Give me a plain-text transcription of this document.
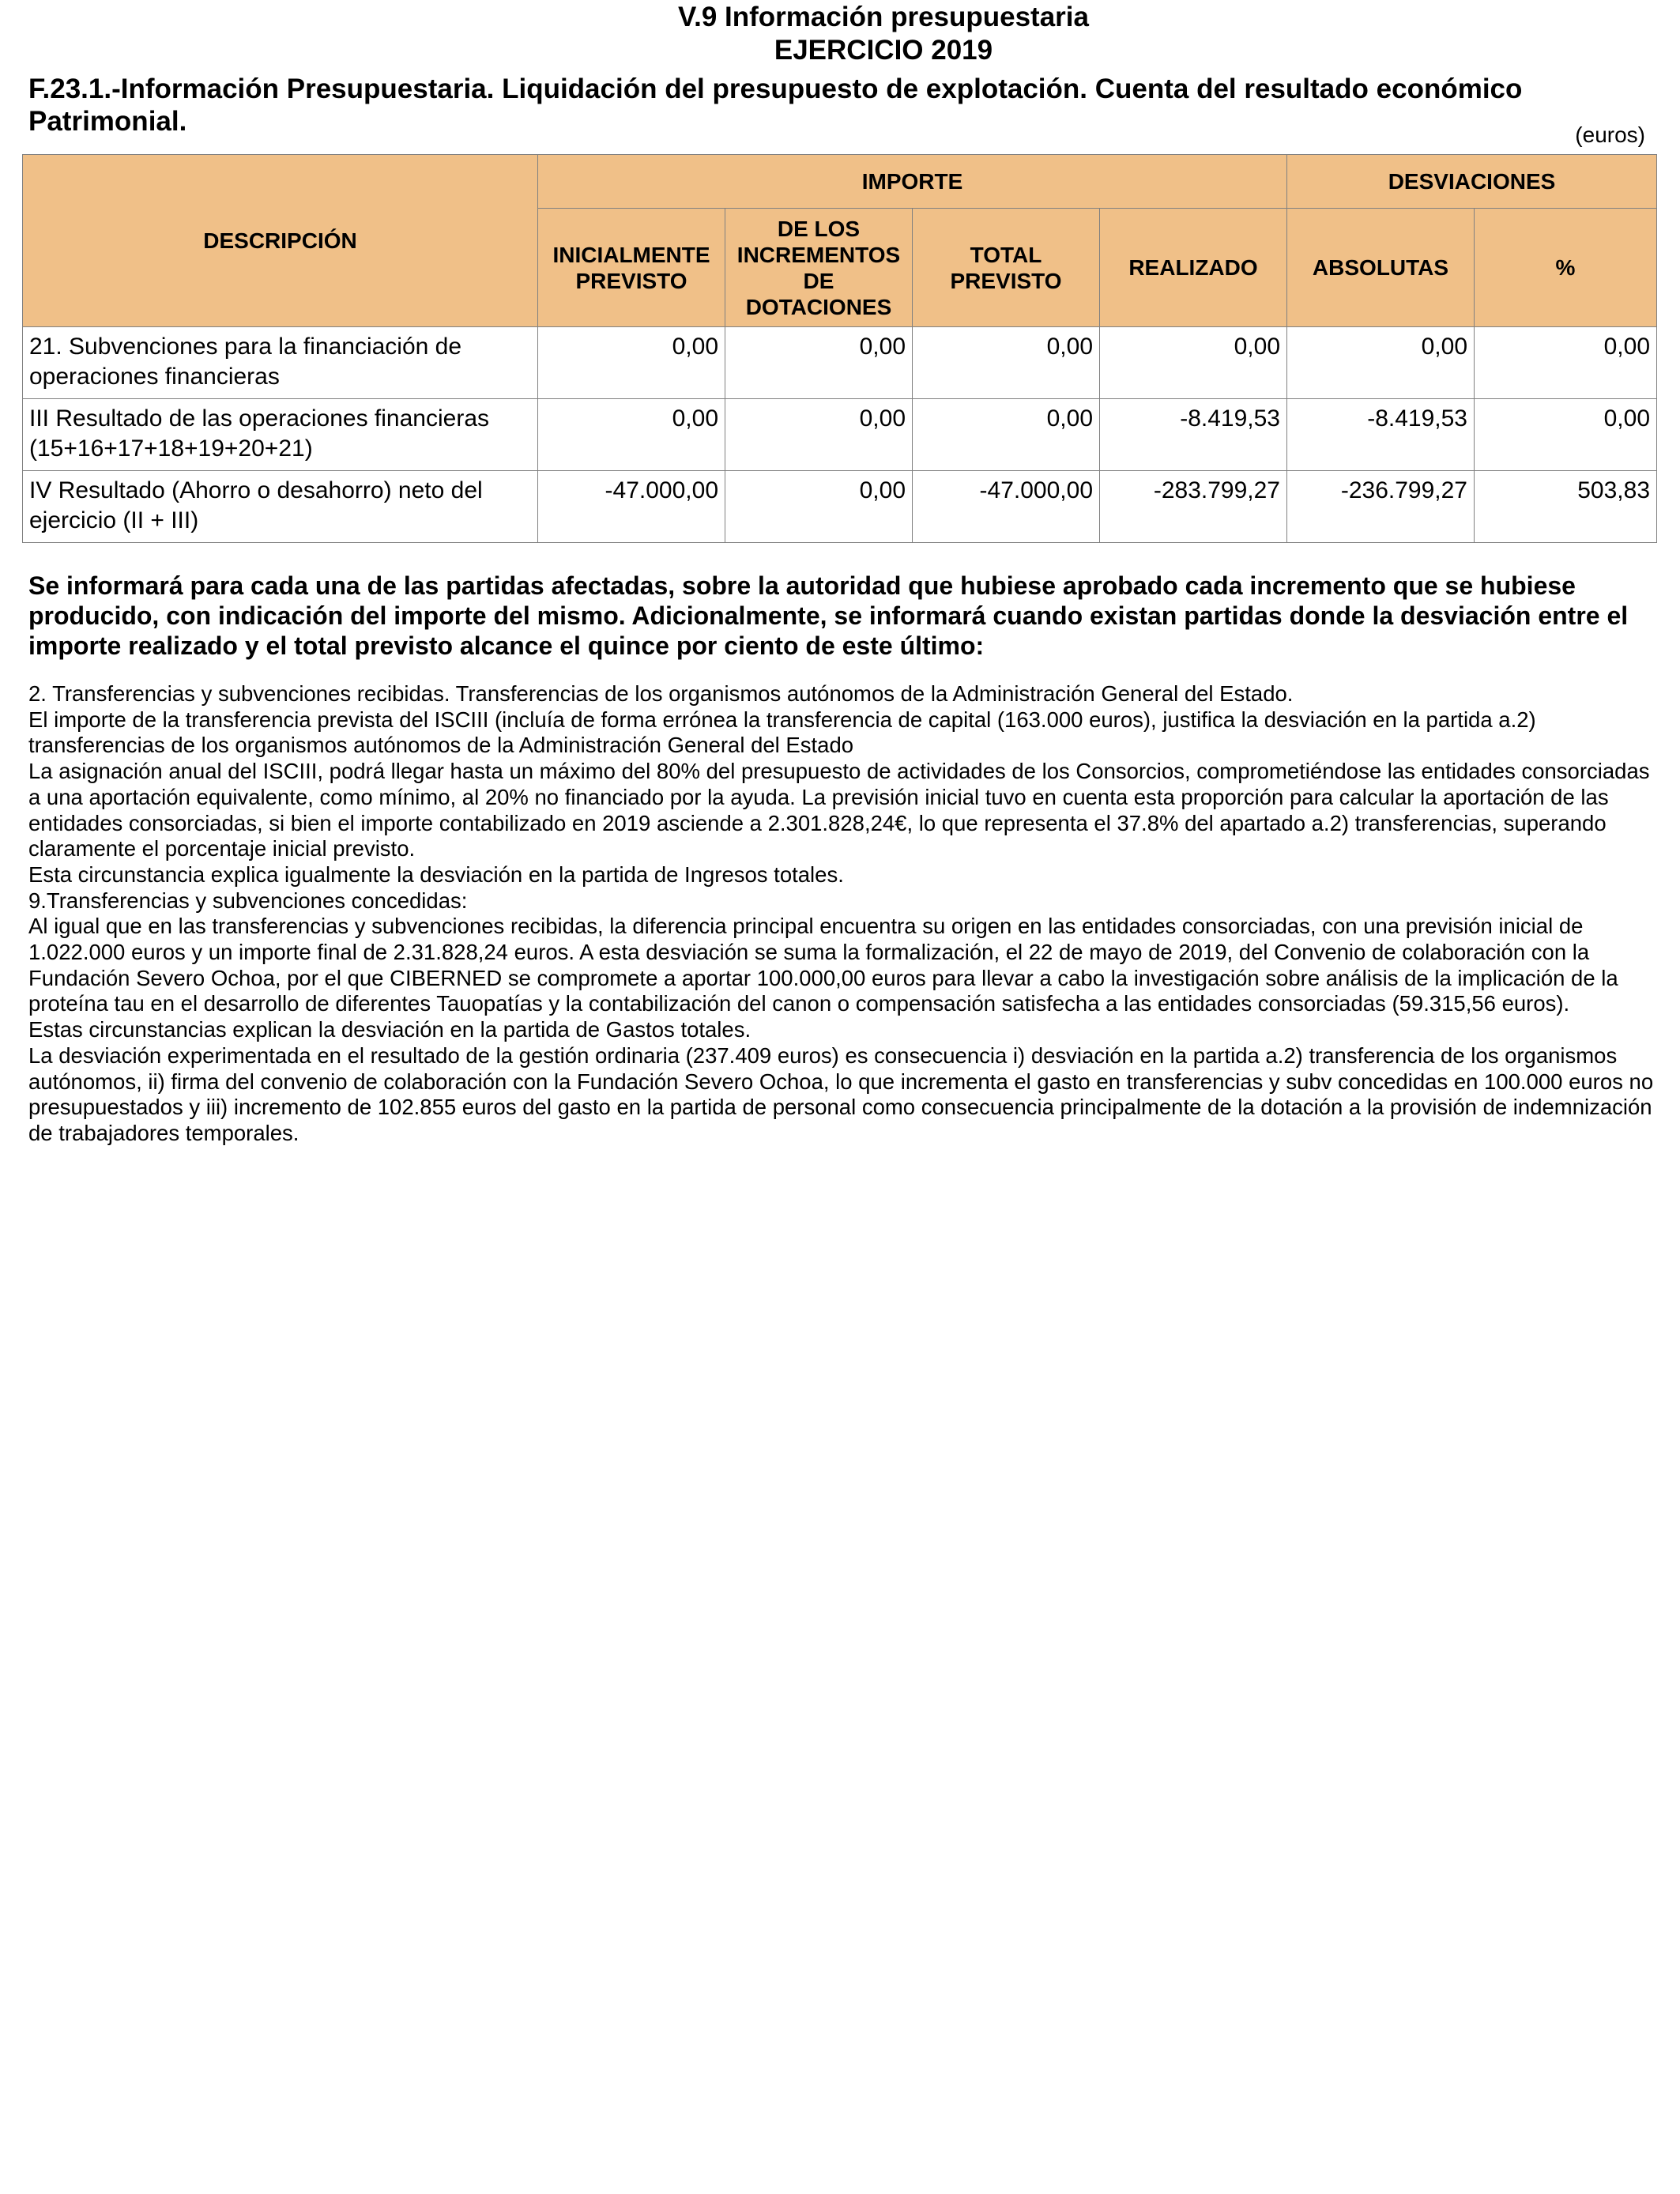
V.9 Información presupuestaria
EJERCICIO 2019
F.23.1.-Información Presupuestaria. Liquidación del presupuesto de explotación. Cuenta del resultado económico Patrimonial.	(euros)
DESCRIPCIÓN	IMPORTE				DESVIACIONES	
	INICIALMENTE PREVISTO	DE LOS INCREMENTOS DE DOTACIONES	TOTAL PREVISTO	REALIZADO	ABSOLUTAS	%
21. Subvenciones para la financiación de operaciones financieras	0,00	0,00	0,00	0,00	0,00	0,00
III Resultado de las operaciones financieras (15+16+17+18+19+20+21)	0,00	0,00	0,00	-8.419,53	-8.419,53	0,00
IV Resultado (Ahorro o desahorro) neto del ejercicio (II + III)	-47.000,00	0,00	-47.000,00	-283.799,27	-236.799,27	503,83
Se informará para cada una de las partidas afectadas, sobre la autoridad que hubiese aprobado cada incremento que se hubiese producido, con indicación del importe del mismo. Adicionalmente, se informará cuando existan partidas donde la desviación entre el importe realizado y el total previsto alcance el quince por ciento de este último:

2. Transferencias y subvenciones recibidas. Transferencias de los organismos autónomos de la Administración General del Estado.

El importe de la transferencia prevista del ISCIII (incluía de forma errónea la transferencia de capital (163.000 euros), justifica la desviación en la partida a.2) transferencias de los organismos autónomos de la Administración General del Estado

La asignación anual del ISCIII, podrá llegar hasta un máximo del 80% del presupuesto de actividades de los Consorcios, comprometiéndose las entidades consorciadas a una aportación equivalente, como mínimo, al 20% no financiado por la ayuda. La previsión inicial tuvo en cuenta esta proporción para calcular la aportación de las entidades consorciadas, si bien el importe contabilizado en 2019 asciende a 2.301.828,24€, lo que representa el 37.8% del apartado a.2) transferencias, superando claramente el porcentaje inicial previsto.

Esta circunstancia explica igualmente la desviación en la partida de Ingresos totales.

9.Transferencias y subvenciones concedidas:

Al igual que en las transferencias y subvenciones recibidas, la diferencia principal encuentra su origen en las entidades consorciadas, con una previsión inicial de 1.022.000 euros y un importe final de 2.31.828,24 euros. A esta desviación se suma la formalización, el 22 de mayo de 2019, del Convenio de colaboración con la Fundación Severo Ochoa, por el que CIBERNED se compromete a aportar 100.000,00 euros para llevar a cabo la investigación sobre análisis de la implicación de la proteína tau en el desarrollo de diferentes Tauopatías y la contabilización del canon o compensación satisfecha a las entidades consorciadas (59.315,56 euros).

Estas circunstancias explican la desviación en la partida de Gastos totales.

La desviación experimentada en el resultado de la gestión ordinaria (237.409 euros) es consecuencia i) desviación en la partida a.2) transferencia de los organismos autónomos, ii) firma del convenio de colaboración con la Fundación Severo Ochoa, lo que incrementa el gasto en transferencias y subv concedidas en 100.000 euros no presupuestados y iii) incremento de 102.855 euros del gasto en la partida de personal como consecuencia principalmente de la dotación a la provisión de indemnización de trabajadores temporales.
